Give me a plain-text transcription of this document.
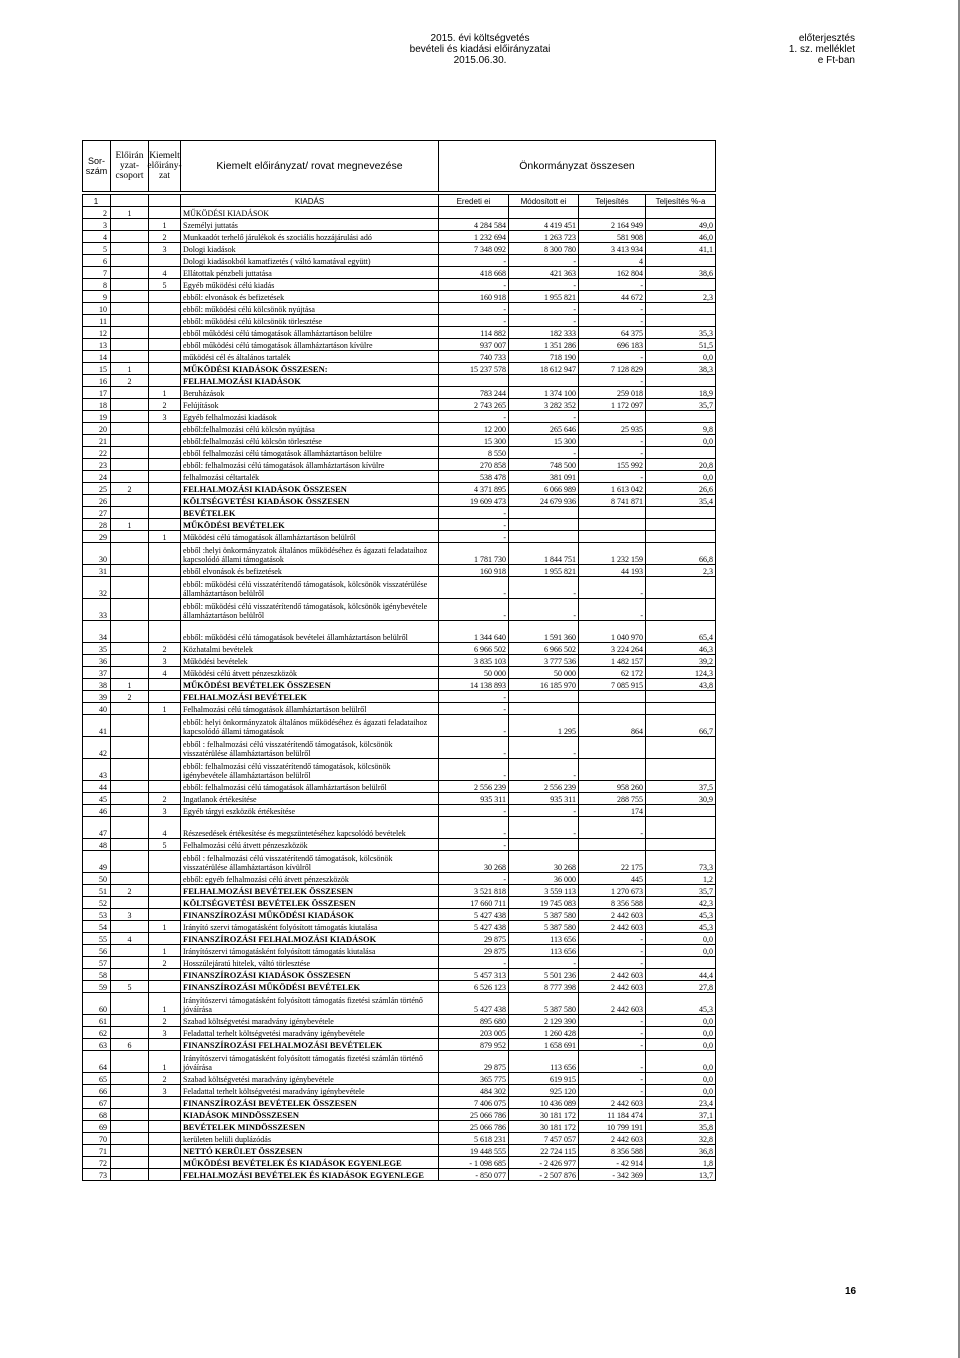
2015. évi költségvetés
bevételi és kiadási előirányzatai
2015.06.30.
előterjesztés
1. sz. melléklet
e Ft-ban
Sor-szám
Előirán yzat-csoport
Kiemelt előirány-zat
Kiemelt előirányzat/ rovat megnevezése	Önkormányzat összesen
1			KIADÁS	Eredeti ei	Módosított ei	Teljesítés	Teljesítés %-a
2	1		MŰKÖDÉSI KIADÁSOK				
3		1	Személyi juttatás	4 284 584	4 419 451	2 164 949	49,0
4		2	Munkaadót terhelő járulékok és szociális hozzájárulási adó	1 232 694	1 263 723	581 908	46,0
5		3	Dologi kiadások	7 348 092	8 300 780	3 413 934	41,1
6			Dologi kiadásokból kamatfizetés ( váltó kamatával együtt)	-	-	4	
7		4	Ellátottak pénzbeli juttatása	418 668	421 363	162 804	38,6
8		5	Egyéb működési célú kiadás	-	-	-	
9			ebből: elvonások és befizetések	160 918	1 955 821	44 672	2,3
10			ebből: működési célú kölcsönök nyújtása	-	-	-	
11			ebből: működési célú kölcsönök törlesztése	-	-	-	
12			ebből működési célú támogatások államháztartáson belülre	114 882	182 333	64 375	35,3
13			ebből működési célú támogatások államháztartáson kívülre	937 007	1 351 286	696 183	51,5
14			működési cél és általános tartalék	740 733	718 190	-	0,0
15	1		MŰKÖDÉSI KIADÁSOK ÖSSZESEN:	15 237 578	18 612 947	7 128 829	38,3
16	2		FELHALMOZÁSI KIADÁSOK			-	
17		1	Beruházások	783 244	1 374 100	259 018	18,9
18		2	Felújítások	2 743 265	3 282 352	1 172 097	35,7
19		3	Egyéb felhalmozási kiadások	-	-		
20			ebből:felhalmozási célú kölcsön nyújtása	12 200	265 646	25 935	9,8
21			ebből:felhalmozási célú kölcsön törlesztése	15 300	15 300	-	0,0
22			ebből felhalmozási célú támogatások államháztartáson belülre	8 550	-	-	
23			ebből: felhalmozási célú támogatások államháztartáson kívülre	270 858	748 500	155 992	20,8
24			felhalmozási céltartalék	538 478	381 091	-	0,0
25	2		FELHALMOZÁSI KIADÁSOK ÖSSZESEN	4 371 895	6 066 989	1 613 042	26,6
26			KÖLTSÉGVETÉSI KIADÁSOK ÖSSZESEN	19 609 473	24 679 936	8 741 871	35,4
27			BEVÉTELEK	-			
28	1		MŰKÖDÉSI BEVÉTELEK	-			
29		1	Működési célú támogatások államháztartáson belülről	-			
30			ebből :helyi önkormányzatok általános működéséhez és ágazati feladataihoz kapcsolódó állami támogatások	1 781 730	1 844 751	1 232 159	66,8
31			ebből elvonások és befizetések	160 918	1 955 821	44 193	2,3
32			ebből: működési célú visszatérítendő támogatások, kölcsönök visszatérülése államháztartáson belülről	-	-	-	
33			ebből: működési célú visszatérítendő támogatások, kölcsönök igénybevétele államháztartáson belülről	-	-	-	
34			ebből: működési célú támogatások bevételei államháztartáson belülről	1 344 640	1 591 360	1 040 970	65,4
35		2	Közhatalmi bevételek	6 966 502	6 966 502	3 224 264	46,3
36		3	Működési bevételek	3 835 103	3 777 536	1 482 157	39,2
37		4	Működési célú átvett pénzeszközök	50 000	50 000	62 172	124,3
38	1		MŰKÖDÉSI BEVÉTELEK ÖSSZESEN	14 138 893	16 185 970	7 085 915	43,8
39	2		FELHALMOZÁSI BEVÉTELEK	-			
40		1	Felhalmozási célú támogatások államháztartáson belülről	-			
41			ebből: helyi önkormányzatok általános működéséhez és ágazati feladataihoz kapcsolódó állami támogatások	-	1 295	864	66,7
42			ebből : felhalmozási célú visszatérítendő támogatások, kölcsönök visszatérülése államháztartáson belülről	-	-		
43			ebből: felhalmozási célú visszatérítendő támogatások, kölcsönök igénybevétele államháztartáson belülről	-	-		
44			ebből: felhalmozási célú támogatások államháztartáson belülről	2 556 239	2 556 239	958 260	37,5
45		2	Ingatlanok értékesítése	935 311	935 311	288 755	30,9
46		3	Egyéb tárgyi eszközök értékesítése	-	-	174	
47		4	Részesedések értékesítése és megszüntetéséhez kapcsolódó bevételek	-	-	-	
48		5	Felhalmozási célú átvett pénzeszközök	-			
49			ebből : felhalmozási célú visszatérítendő támogatások, kölcsönök visszatérülése államháztartáson kívülről	30 268	30 268	22 175	73,3
50			ebből: egyéb felhalmozási célú átvett pénzeszközök	-	36 000	445	1,2
51	2		FELHALMOZÁSI BEVÉTELEK ÖSSZESEN	3 521 818	3 559 113	1 270 673	35,7
52			KÖLTSÉGVETÉSI BEVÉTELEK ÖSSZESEN	17 660 711	19 745 083	8 356 588	42,3
53	3		FINANSZÍROZÁSI MŰKÖDÉSI KIADÁSOK	5 427 438	5 387 580	2 442 603	45,3
54		1	Irányító szervi támogatásként folyósított támogatás kiutalása	5 427 438	5 387 580	2 442 603	45,3
55	4		FINANSZÍROZÁSI FELHALMOZÁSI KIADÁSOK	29 875	113 656	-	0,0
56		1	Irányítószervi támogatásként folyósított támogatás kiutalása	29 875	113 656	-	0,0
57		2	Hosszúlejáratú hitelek, váltó törlesztése	-	-	-	
58			FINANSZÍROZÁSI KIADÁSOK ÖSSZESEN	5 457 313	5 501 236	2 442 603	44,4
59	5		FINANSZÍROZÁSI MŰKÖDÉSI BEVÉTELEK	6 526 123	8 777 398	2 442 603	27,8
60		1	Irányítószervi támogatásként folyósított támogatás fizetési számlán történő jóváírása	5 427 438	5 387 580	2 442 603	45,3
61		2	Szabad költségvetési maradvány igénybevétele	895 680	2 129 390	-	0,0
62		3	Feladattal terhelt költségvetési maradvány igénybevétele	203 005	1 260 428	-	0,0
63	6		FINANSZÍROZÁSI FELHALMOZÁSI BEVÉTELEK	879 952	1 658 691	-	0,0
64		1	Irányítószervi támogatásként folyósított támogatás fizetési számlán történő jóváírása	29 875	113 656	-	0,0
65		2	Szabad költségvetési maradvány igénybevétele	365 775	619 915	-	0,0
66		3	Feladattal terhelt költségvetési maradvány igénybevétele	484 302	925 120	-	0,0
67			FINANSZÍROZÁSI BEVÉTELEK ÖSSZESEN	7 406 075	10 436 089	2 442 603	23,4
68			KIADÁSOK MINDÖSSZESEN	25 066 786	30 181 172	11 184 474	37,1
69			BEVÉTELEK MINDÖSSZESEN	25 066 786	30 181 172	10 799 191	35,8
70			kerületen belüli duplázódás	5 618 231	7 457 057	2 442 603	32,8
71			NETTÓ KERÜLET ÖSSZESEN	19 448 555	22 724 115	8 356 588	36,8
72			MŰKÖDÉSI BEVÉTELEK ÉS KIADÁSOK EGYENLEGE	- 1 098 685	- 2 426 977	- 42 914	1,8
73			FELHALMOZÁSI BEVÉTELEK ÉS KIADÁSOK EGYENLEGE	- 850 077	- 2 507 876	- 342 369	13,7
16
